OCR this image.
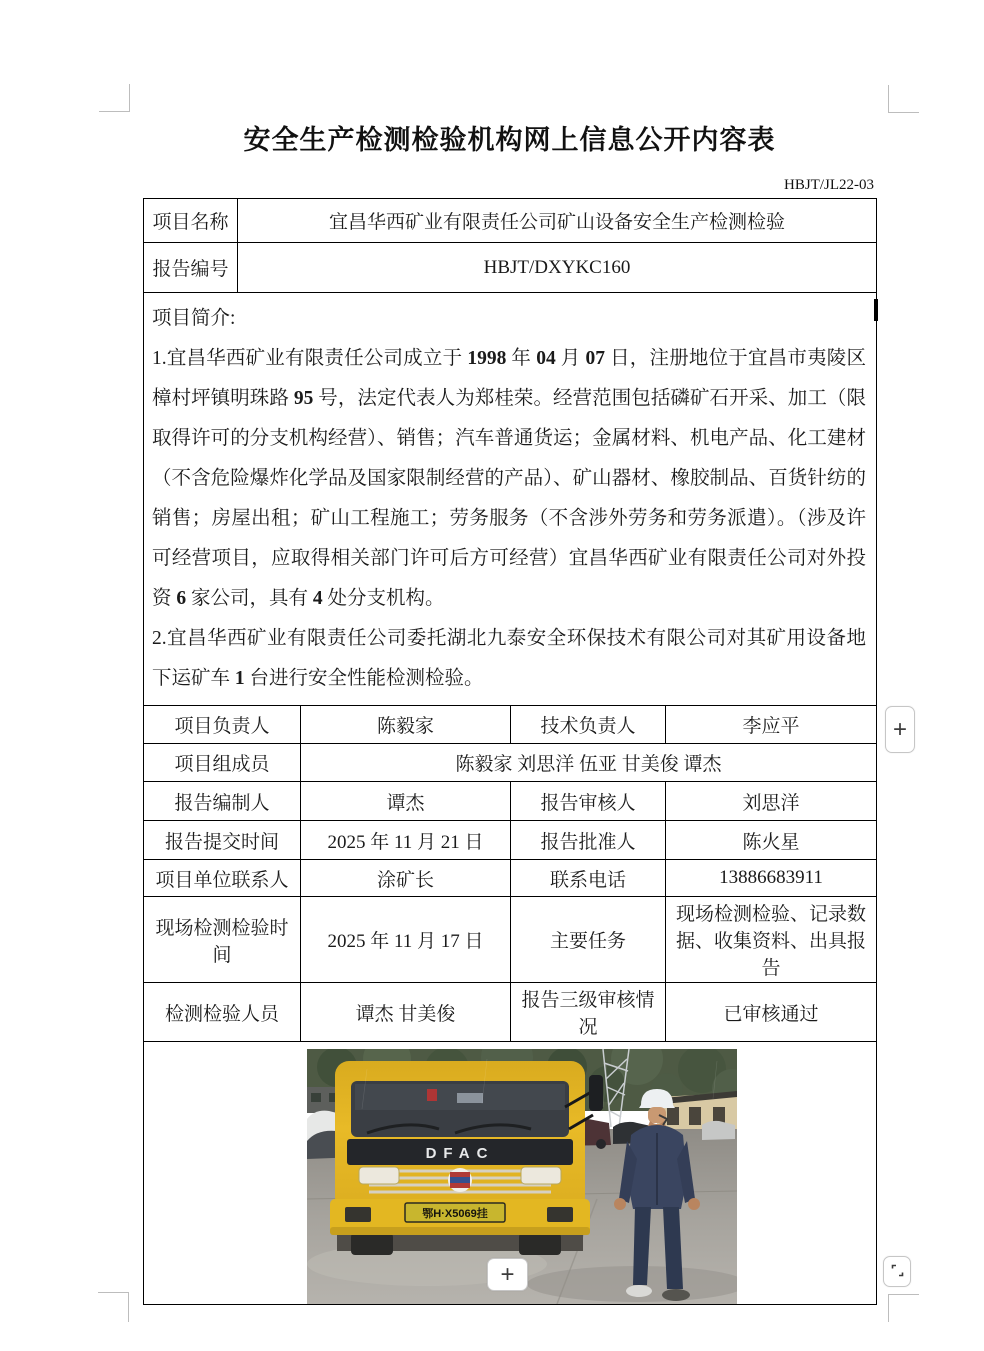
安全生产检测检验机构网上信息公开内容表
HBJT/JL22-03
项目名称	宜昌华西矿业有限责任公司矿山设备安全生产检测检验
报告编号	HBJT/DXYKC160

项目简介:
1.宜昌华西矿业有限责任公司成立于 1998 年 04 月 07 日，注册地位于宜昌市夷陵区樟村坪镇明珠路 95 号，法定代表人为郑桂荣。经营范围包括磷矿石开采、加工（限取得许可的分支机构经营）、销售；汽车普通货运；金属材料、机电产品、化工建材（不含危险爆炸化学品及国家限制经营的产品）、矿山器材、橡胶制品、百货针纺的销售；房屋出租；矿山工程施工；劳务服务（不含涉外劳务和劳务派遣）。（涉及许可经营项目，应取得相关部门许可后方可经营）宜昌华西矿业有限责任公司对外投资 6 家公司，具有 4 处分支机构。
2.宜昌华西矿业有限责任公司委托湖北九泰安全环保技术有限公司对其矿用设备地下运矿车 1 台进行安全性能检测检验。	
项目负责人	陈毅家	技术负责人	李应平
项目组成员	陈毅家 刘思洋 伍亚 甘美俊 谭杰		
报告编制人	谭杰	报告审核人	刘思洋
报告提交时间	2025 年 11 月 21 日	报告批准人	陈火星
项目单位联系人	涂矿长	联系电话	13886683911
现场检测检验时间	2025 年 11 月 17 日	主要任务	现场检测检验、记录数据、收集资料、出具报告
检测检验人员	谭杰 甘美俊	报告三级审核情况	已审核通过

DFAC
鄂H·X5069挂			
+
+
